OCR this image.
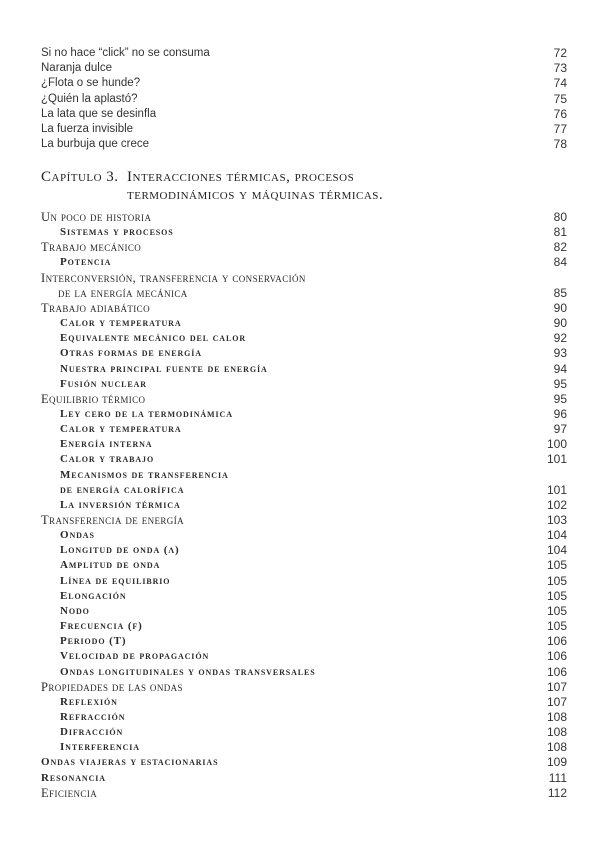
Si no hace “click” no se consuma	72
Naranja dulce	73
¿Flota o se hunde?	74
¿Quién la aplastó?	75
La lata que se desinfla	76
La fuerza invisible	77
La burbuja que crece	78
Capítulo 3. Interacciones térmicas, procesos
termodinámicos y máquinas térmicas.
Un poco de historia	80
Sistemas y procesos	81
Trabajo mecánico	82
Potencia	84
Interconversión, transferencia y conservación
de la energía mecánica	85
Trabajo adiabático	90
Calor y temperatura	90
Equivalente mecánico del calor	92
Otras formas de energía	93
Nuestra principal fuente de energía	94
Fusión nuclear	95
Equilibrio térmico	95
Ley cero de la termodinámica	96
Calor y temperatura	97
Energía interna	100
Calor y trabajo	101
Mecanismos de transferencia
de energía calorífica	101
La inversión térmica	102
Transferencia de energía	103
Ondas	104
Longitud de onda (λ)	104
Amplitud de onda	105
Línea de equilibrio	105
Elongación	105
Nodo	105
Frecuencia (f)	105
Periodo (T)	106
Velocidad de propagación	106
Ondas longitudinales y ondas transversales	106
Propiedades de las ondas	107
Reflexión	107
Refracción	108
Difracción	108
Interferencia	108
Ondas viajeras y estacionarias	109
Resonancia	111
Eficiencia	112
